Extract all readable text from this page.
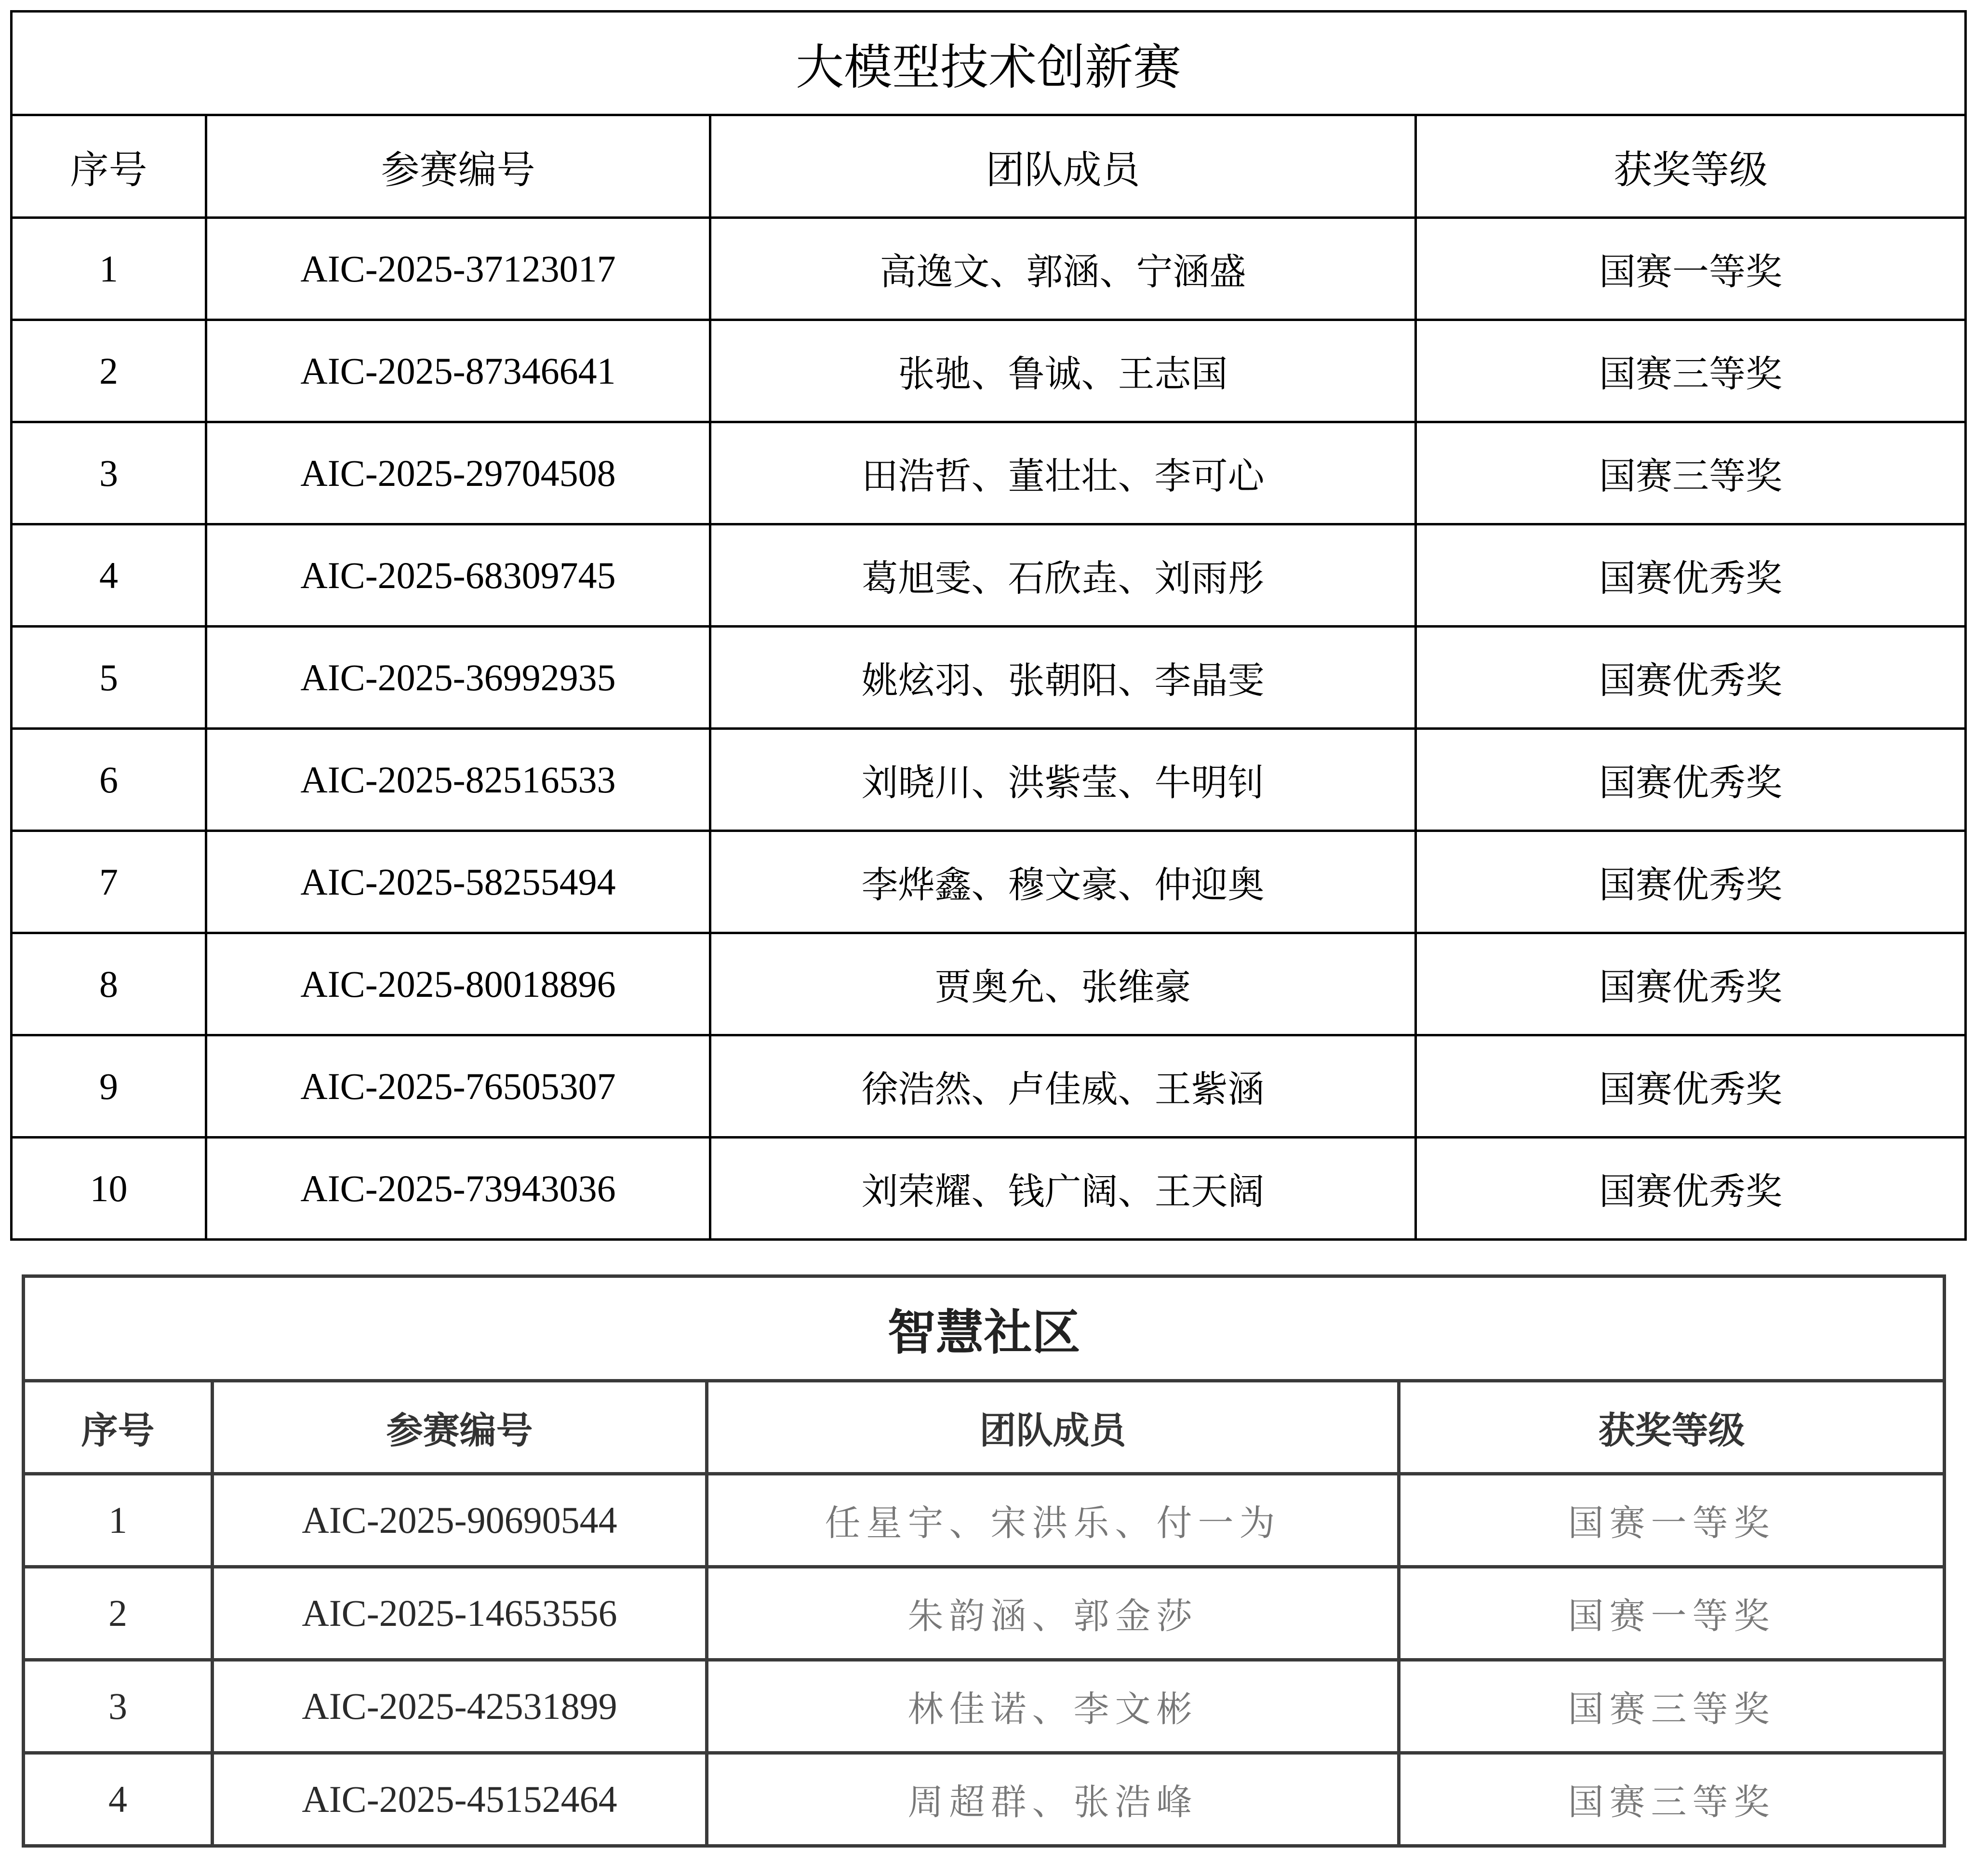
大模型技术创新赛			
序号	参赛编号	团队成员	获奖等级
1	AIC-2025-37123017	高逸文、郭涵、宁涵盛	国赛一等奖
2	AIC-2025-87346641	张驰、鲁诚、王志国	国赛三等奖
3	AIC-2025-29704508	田浩哲、董壮壮、李可心	国赛三等奖
4	AIC-2025-68309745	葛旭雯、石欣垚、刘雨彤	国赛优秀奖
5	AIC-2025-36992935	姚炫羽、张朝阳、李晶雯	国赛优秀奖
6	AIC-2025-82516533	刘晓川、洪紫莹、牛明钊	国赛优秀奖
7	AIC-2025-58255494	李烨鑫、穆文豪、仲迎奥	国赛优秀奖
8	AIC-2025-80018896	贾奥允、张维豪	国赛优秀奖
9	AIC-2025-76505307	徐浩然、卢佳威、王紫涵	国赛优秀奖
10	AIC-2025-73943036	刘荣耀、钱广阔、王天阔	国赛优秀奖
智慧社区			
序号	参赛编号	团队成员	获奖等级
1	AIC-2025-90690544	任星宇、宋洪乐、付一为	国赛一等奖
2	AIC-2025-14653556	朱韵涵、郭金莎	国赛一等奖
3	AIC-2025-42531899	林佳诺、李文彬	国赛三等奖
4	AIC-2025-45152464	周超群、张浩峰	国赛三等奖
